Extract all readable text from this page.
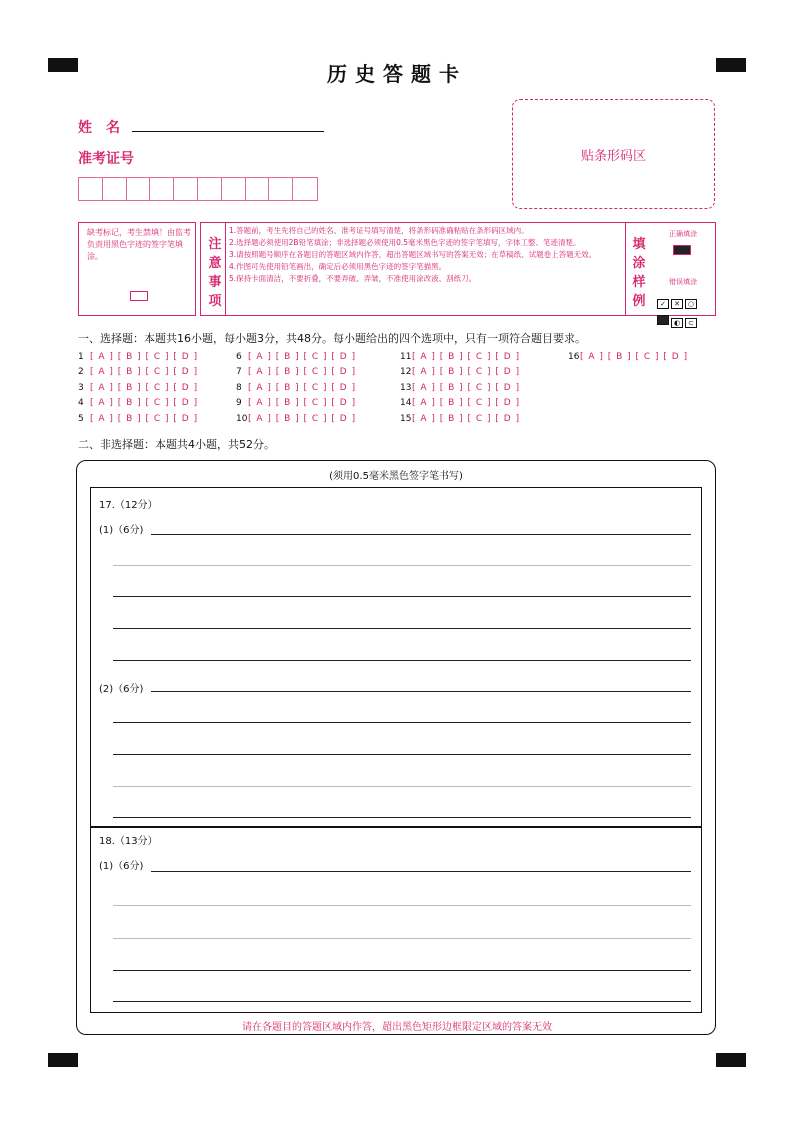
历史答题卡
姓　名
准考证号	贴条形码区
缺考标记，考生禁填！由监考负责用黑色字迹的签字笔填涂。
注
意
事
项
1.答题前，考生先将自己的姓名、准考证号填写清楚，将条形码准确粘贴在条形码区域内。
2.选择题必须使用2B铅笔填涂；非选择题必须使用0.5毫米黑色字迹的签字笔填写，字体工整、笔迹清楚。
3.请按照题号顺序在各题目的答题区域内作答，超出答题区域书写的答案无效；在草稿纸、试题卷上答题无效。
4.作图可先使用铅笔画出，确定后必须用黑色字迹的签字笔描黑。
5.保持卡面清洁，不要折叠，不要弄破、弄皱，不准使用涂改液、刮纸刀。
填
涂
样
例
正确填涂
错误填涂
✓ ✕ ○
◐ ⊂
一、选择题：本题共16小题，每小题3分，共48分。每小题给出的四个选项中，只有一项符合题目要求。
1 [ A ] [ B ] [ C ] [ D ]
2 [ A ] [ B ] [ C ] [ D ]
3 [ A ] [ B ] [ C ] [ D ]
4 [ A ] [ B ] [ C ] [ D ]
5 [ A ] [ B ] [ C ] [ D ]
6 [ A ] [ B ] [ C ] [ D ]
7 [ A ] [ B ] [ C ] [ D ]
8 [ A ] [ B ] [ C ] [ D ]
9 [ A ] [ B ] [ C ] [ D ]
10[ A ] [ B ] [ C ] [ D ]
11[ A ] [ B ] [ C ] [ D ]
12[ A ] [ B ] [ C ] [ D ]
13[ A ] [ B ] [ C ] [ D ]
14[ A ] [ B ] [ C ] [ D ]
15[ A ] [ B ] [ C ] [ D ]
16[ A ] [ B ] [ C ] [ D ]
二、非选择题：本题共4小题，共52分。
(须用0.5毫米黑色签字笔书写)
17.（12分）
(1)（6分)
(2)（6分)
18.（13分）
(1)（6分)
请在各题目的答题区域内作答，超出黑色矩形边框限定区域的答案无效
